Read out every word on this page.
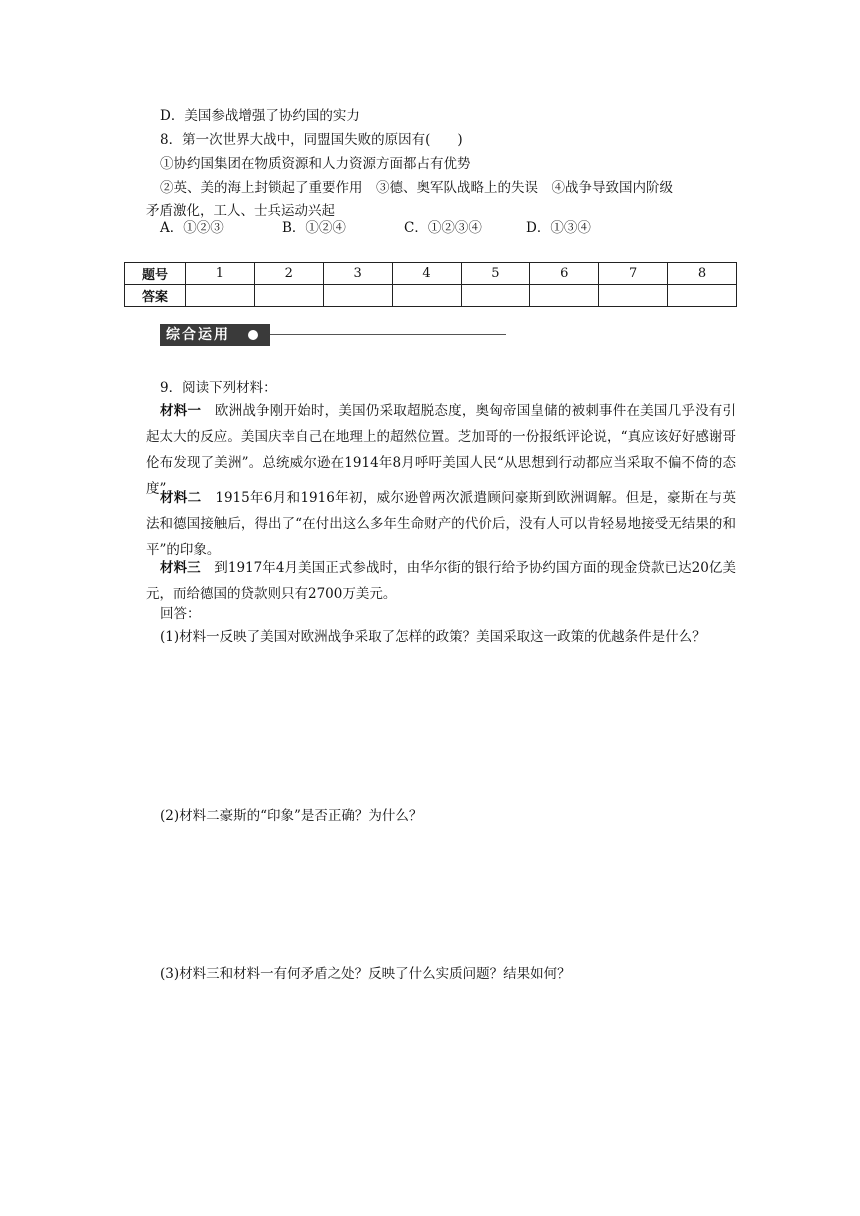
D．美国参战增强了协约国的实力
8．第一次世界大战中，同盟国失败的原因有(　　)
①协约国集团在物质资源和人力资源方面都占有优势
②英、美的海上封锁起了重要作用　③德、奥军队战略上的失误　④战争导致国内阶级
矛盾激化，工人、士兵运动兴起
A．①②③	B．①②④	C．①②③④	D．①③④
题号	1	2	3	4	5	6	7	8
答案								
综合运用
9．阅读下列材料：
材料一　欧洲战争刚开始时，美国仍采取超脱态度，奥匈帝国皇储的被刺事件在美国几乎没有引起太大的反应。美国庆幸自己在地理上的超然位置。芝加哥的一份报纸评论说，“真应该好好感谢哥伦布发现了美洲”。总统威尔逊在1914年8月呼吁美国人民“从思想到行动都应当采取不偏不倚的态度”。
材料二　1915年6月和1916年初，威尔逊曾两次派遣顾问豪斯到欧洲调解。但是，豪斯在与英法和德国接触后，得出了“在付出这么多年生命财产的代价后，没有人可以肯轻易地接受无结果的和平”的印象。
材料三　到1917年4月美国正式参战时，由华尔街的银行给予协约国方面的现金贷款已达20亿美元，而给德国的贷款则只有2700万美元。
回答：
(1)材料一反映了美国对欧洲战争采取了怎样的政策？美国采取这一政策的优越条件是什么？
(2)材料二豪斯的“印象”是否正确？为什么？
(3)材料三和材料一有何矛盾之处？反映了什么实质问题？结果如何？
